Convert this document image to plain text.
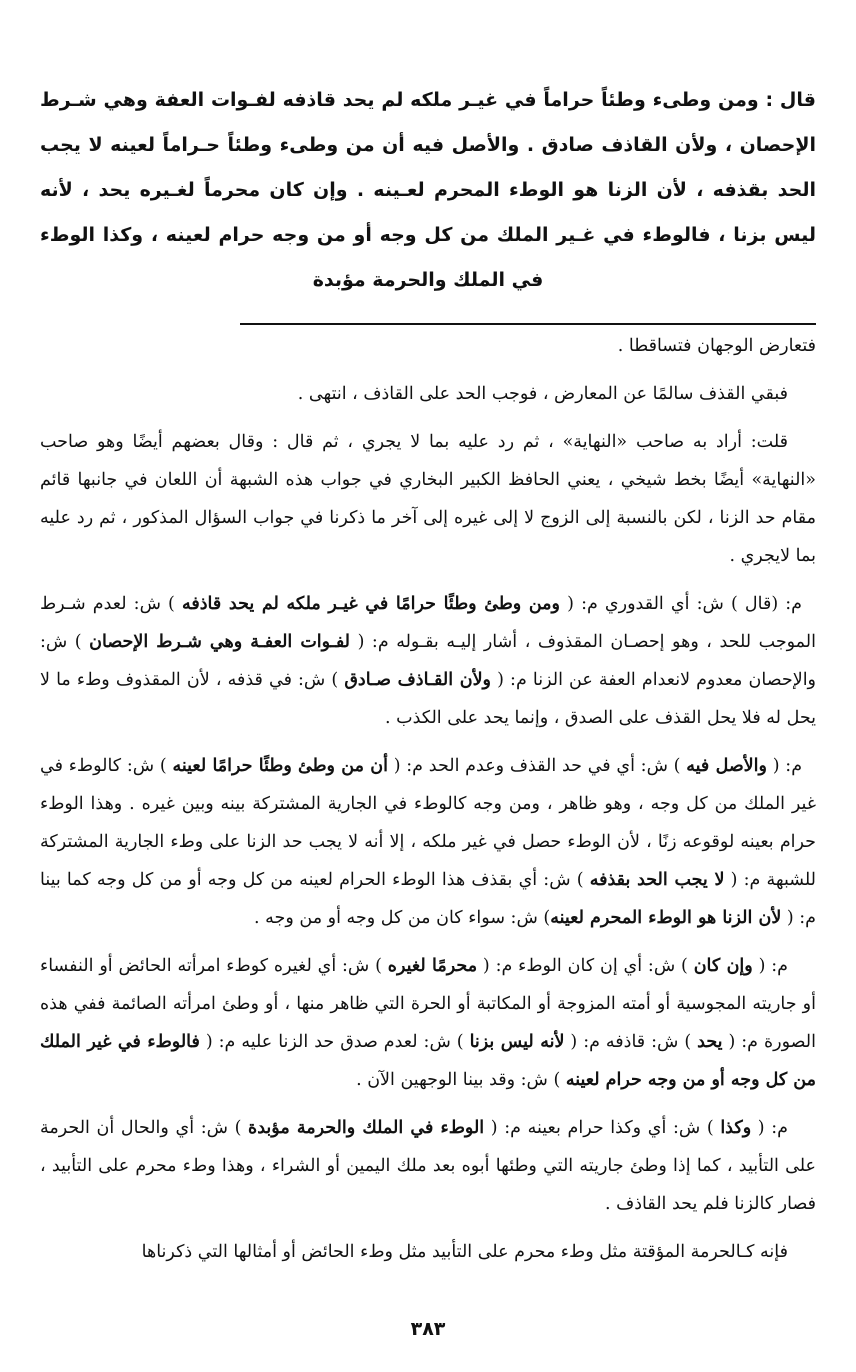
قال : ومن وطىء وطئاً حراماً في غيـر ملكه لم يحد قاذفه لفـوات العفة وهي شـرط الإحصان ، ولأن القاذف صادق . والأصل فيه أن من وطىء وطئاً حـراماً لعينه لا يجب الحد بقذفه ، لأن الزنا هو الوطء المحرم لعـينه . وإن كان محرماً لغـيره يحد ، لأنه ليس بزنا ، فالوطء في غـير الملك من كل وجه أو من وجه حرام لعينه ، وكذا الوطء في الملك والحرمة مؤبدة

فتعارض الوجهان فتساقطا .

فبقي القذف سالمًا عن المعارض ، فوجب الحد على القاذف ، انتهى .

قلت: أراد به صاحب «النهاية» ، ثم رد عليه بما لا يجري ، ثم قال : وقال بعضهم أيضًا وهو صاحب «النهاية» أيضًا بخط شيخي ، يعني الحافظ الكبير البخاري في جواب هذه الشبهة أن اللعان في جانبها قائم مقام حد الزنا ، لكن بالنسبة إلى الزوج لا إلى غيره إلى آخر ما ذكرنا في جواب السؤال المذكور ، ثم رد عليه بما لايجري .

م: (قال ) ش: أي القدوري م: ( ومن وطئ وطئًا حرامًا في غيـر ملكه لم يحد قاذفه ) ش: لعدم شـرط الموجب للحد ، وهو إحصـان المقذوف ، أشار إليـه بقـوله م: ( لفـوات العفـة وهي شـرط الإحصان ) ش: والإحصان معدوم لانعدام العفة عن الزنا م: ( ولأن القـاذف صـادق ) ش: في قذفه ، لأن المقذوف وطء ما لا يحل له فلا يحل القذف على الصدق ، وإنما يحد على الكذب .

م: ( والأصل فيه ) ش: أي في حد القذف وعدم الحد م: ( أن من وطئ وطئًا حرامًا لعينه ) ش: كالوطء في غير الملك من كل وجه ، وهو ظاهر ، ومن وجه كالوطء في الجارية المشتركة بينه وبين غيره . وهذا الوطء حرام بعينه لوقوعه زنًا ، لأن الوطء حصل في غير ملكه ، إلا أنه لا يجب حد الزنا على وطء الجارية المشتركة للشبهة م: ( لا يجب الحد بقذفه ) ش: أي بقذف هذا الوطء الحرام لعينه من كل وجه أو من كل وجه كما بينا م: ( لأن الزنا هو الوطء المحرم لعينه) ش: سواء كان من كل وجه أو من وجه .

م: ( وإن كان ) ش: أي إن كان الوطء م: ( محرمًا لغيره ) ش: أي لغيره كوطء امرأته الحائض أو النفساء أو جاريته المجوسية أو أمته المزوجة أو المكاتبة أو الحرة التي ظاهر منها ، أو وطئ امرأته الصائمة ففي هذه الصورة م: ( يحد ) ش: قاذفه م: ( لأنه ليس بزنا ) ش: لعدم صدق حد الزنا عليه م: ( فالوطء في غير الملك من كل وجه أو من وجه حرام لعينه ) ش: وقد بينا الوجهين الآن .

م: ( وكذا ) ش: أي وكذا حرام بعينه م: ( الوطء في الملك والحرمة مؤبدة ) ش: أي والحال أن الحرمة على التأبيد ، كما إذا وطئ جاريته التي وطئها أبوه بعد ملك اليمين أو الشراء ، وهذا وطء محرم على التأبيد ، فصار كالزنا فلم يحد القاذف .

فإنه كـالحرمة المؤقتة مثل وطء محرم على التأبيد مثل وطء الحائض أو أمثالها التي ذكرناها

٣٨٣
